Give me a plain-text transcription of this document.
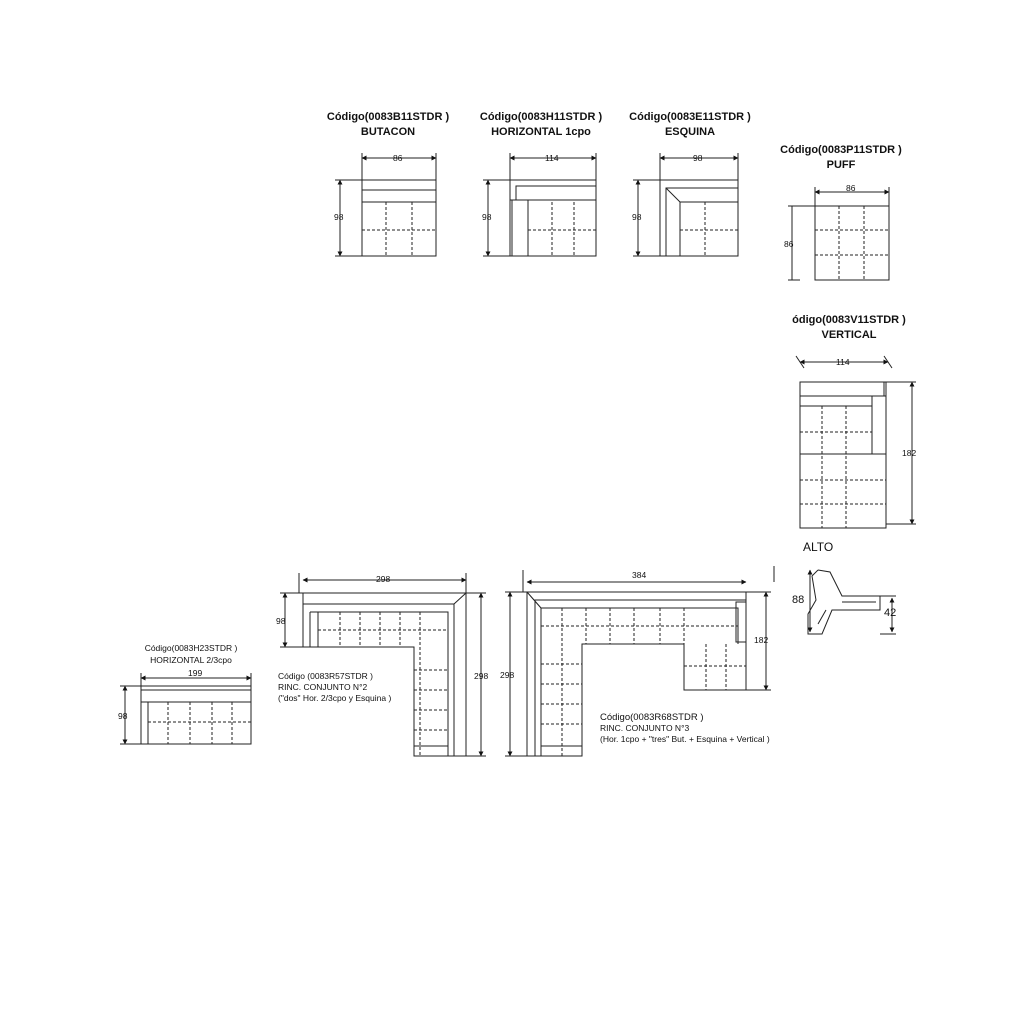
Código(0083B11STDR )
BUTACON
Código(0083H11STDR )
HORIZONTAL 1cpo
Código(0083E11STDR )
ESQUINA
Código(0083P11STDR )
PUFF
ódigo(0083V11STDR )
VERTICAL
Código(0083H23STDR )
HORIZONTAL 2/3cpo
Código (0083R57STDR )
RINC. CONJUNTO N°2
("dos" Hor. 2/3cpo y Esquina )
Código(0083R68STDR )
RINC. CONJUNTO N°3
(Hor. 1cpo + "tres" But. + Esquina + Vertical )
86
98
114
98
98
98
86
86
114
182
199
98
298
98
298
384
182
298
ALTO
88
42
